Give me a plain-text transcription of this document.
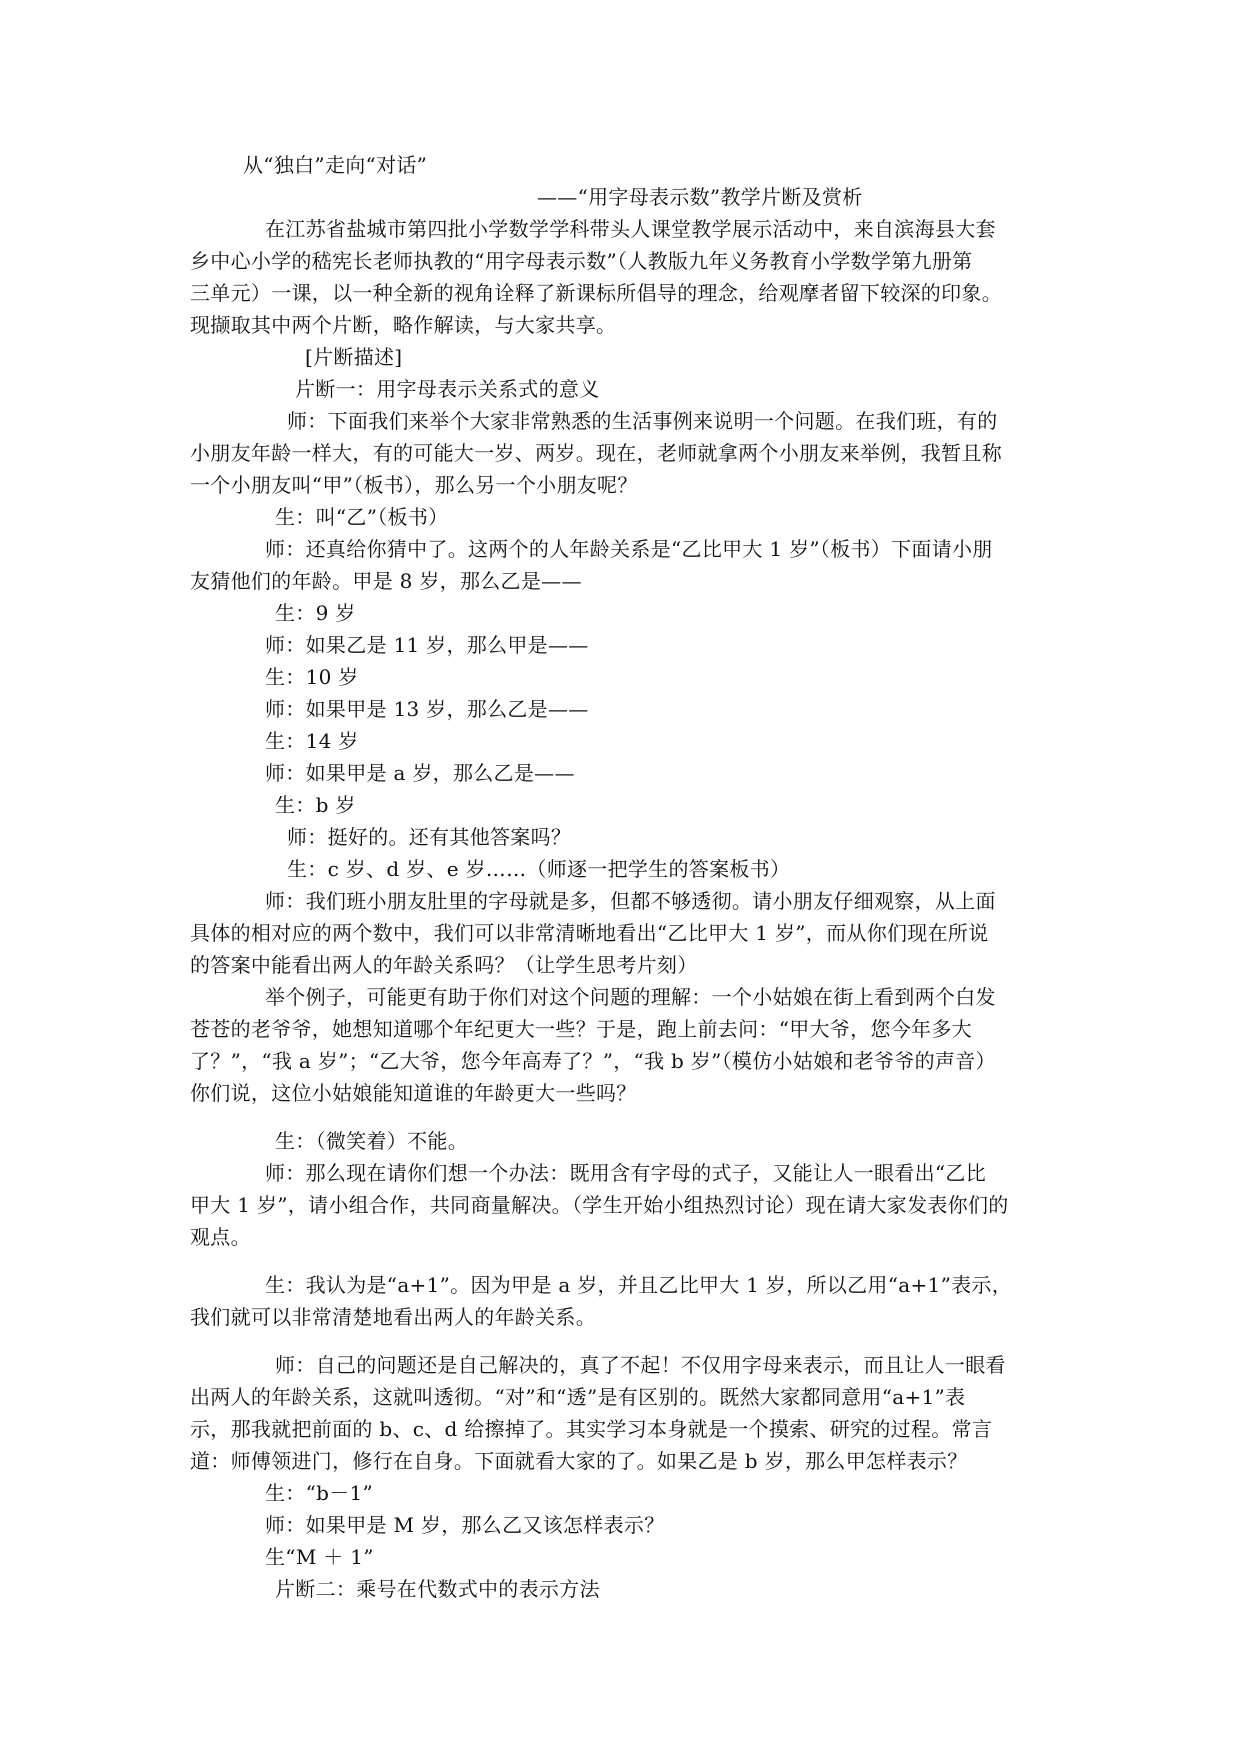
从“独白”走向“对话”
——“用字母表示数”教学片断及赏析
在江苏省盐城市第四批小学数学学科带头人课堂教学展示活动中，来自滨海县大套
乡中心小学的嵇宪长老师执教的“用字母表示数”（人教版九年义务教育小学数学第九册第
三单元）一课，以一种全新的视角诠释了新课标所倡导的理念，给观摩者留下较深的印象。
现撷取其中两个片断，略作解读，与大家共享。
[片断描述]
片断一：用字母表示关系式的意义
师：下面我们来举个大家非常熟悉的生活事例来说明一个问题。在我们班，有的
小朋友年龄一样大，有的可能大一岁、两岁。现在，老师就拿两个小朋友来举例，我暂且称
一个小朋友叫“甲”（板书），那么另一个小朋友呢？
生：叫“乙”（板书）
师：还真给你猜中了。这两个的人年龄关系是“乙比甲大 1 岁”（板书）下面请小朋
友猜他们的年龄。甲是 8 岁，那么乙是——
生：9 岁
师：如果乙是 11 岁，那么甲是——
生：10 岁
师：如果甲是 13 岁，那么乙是——
生：14 岁
师：如果甲是 a 岁，那么乙是——
生：b 岁
师：挺好的。还有其他答案吗？
生：c 岁、d 岁、e 岁……（师逐一把学生的答案板书）
师：我们班小朋友肚里的字母就是多，但都不够透彻。请小朋友仔细观察，从上面
具体的相对应的两个数中，我们可以非常清晰地看出“乙比甲大 1 岁”，而从你们现在所说
的答案中能看出两人的年龄关系吗？（让学生思考片刻）
举个例子，可能更有助于你们对这个问题的理解：一个小姑娘在街上看到两个白发
苍苍的老爷爷，她想知道哪个年纪更大一些？于是，跑上前去问：“甲大爷，您今年多大
了？”，“我 a 岁”；“乙大爷，您今年高寿了？”，“我 b 岁”（模仿小姑娘和老爷爷的声音）
你们说，这位小姑娘能知道谁的年龄更大一些吗？
生：（微笑着）不能。
师：那么现在请你们想一个办法：既用含有字母的式子，又能让人一眼看出“乙比
甲大 1 岁”，请小组合作，共同商量解决。（学生开始小组热烈讨论）现在请大家发表你们的
观点。
生：我认为是“a+1”。因为甲是 a 岁，并且乙比甲大 1 岁，所以乙用“a+1”表示，
我们就可以非常清楚地看出两人的年龄关系。
师：自己的问题还是自己解决的，真了不起！不仅用字母来表示，而且让人一眼看
出两人的年龄关系，这就叫透彻。“对”和“透”是有区别的。既然大家都同意用“a+1”表
示，那我就把前面的 b、c、d 给擦掉了。其实学习本身就是一个摸索、研究的过程。常言
道：师傅领进门，修行在自身。下面就看大家的了。如果乙是 b 岁，那么甲怎样表示？
生：“b－1”
师：如果甲是 M 岁，那么乙又该怎样表示？
生“M ＋ 1”
片断二：乘号在代数式中的表示方法
